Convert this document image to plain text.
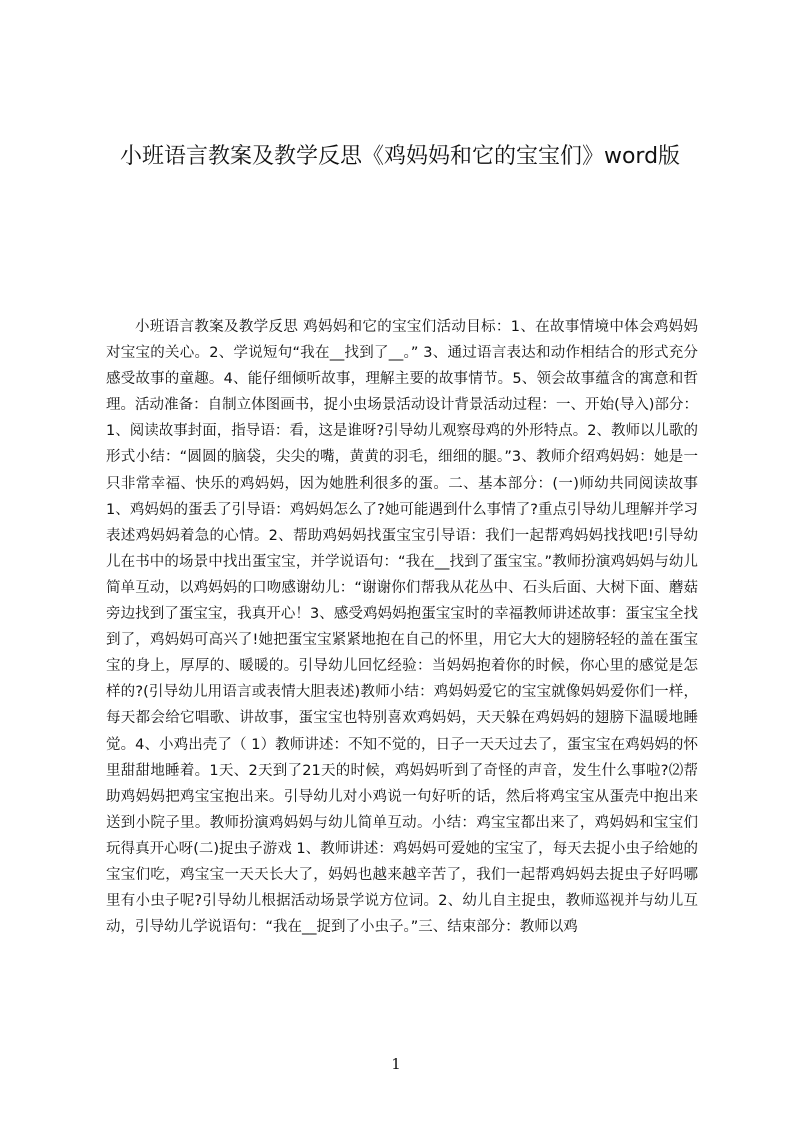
小班语言教案及教学反思《鸡妈妈和它的宝宝们》word版

小班语言教案及教学反思 鸡妈妈和它的宝宝们活动目标：1、在故事情境中体会鸡妈妈对宝宝的关心。2、学说短句“我在__找到了__。” 3、通过语言表达和动作相结合的形式充分感受故事的童趣。4、能仔细倾听故事，理解主要的故事情节。5、领会故事蕴含的寓意和哲理。活动准备：自制立体图画书，捉小虫场景活动设计背景活动过程：一、开始(导入)部分：1、阅读故事封面，指导语：看，这是谁呀?引导幼儿观察母鸡的外形特点。2、教师以儿歌的形式小结：“圆圆的脑袋，尖尖的嘴，黄黄的羽毛，细细的腿。”3、教师介绍鸡妈妈：她是一只非常幸福、快乐的鸡妈妈，因为她胜利很多的蛋。二、基本部分：(一)师幼共同阅读故事 1、鸡妈妈的蛋丢了引导语：鸡妈妈怎么了?她可能遇到什么事情了?重点引导幼儿理解并学习表述鸡妈妈着急的心情。2、帮助鸡妈妈找蛋宝宝引导语：我们一起帮鸡妈妈找找吧!引导幼儿在书中的场景中找出蛋宝宝，并学说语句：“我在__找到了蛋宝宝。”教师扮演鸡妈妈与幼儿简单互动，以鸡妈妈的口吻感谢幼儿：“谢谢你们帮我从花丛中、石头后面、大树下面、蘑菇旁边找到了蛋宝宝，我真开心！3、感受鸡妈妈抱蛋宝宝时的幸福教师讲述故事：蛋宝宝全找到了，鸡妈妈可高兴了!她把蛋宝宝紧紧地抱在自己的怀里，用它大大的翅膀轻轻的盖在蛋宝宝的身上，厚厚的、暖暖的。引导幼儿回忆经验：当妈妈抱着你的时候，你心里的感觉是怎样的?(引导幼儿用语言或表情大胆表述)教师小结：鸡妈妈爱它的宝宝就像妈妈爱你们一样，每天都会给它唱歌、讲故事，蛋宝宝也特别喜欢鸡妈妈，天天躲在鸡妈妈的翅膀下温暖地睡觉。4、小鸡出壳了（ 1）教师讲述：不知不觉的，日子一天天过去了，蛋宝宝在鸡妈妈的怀里甜甜地睡着。1天、2天到了21天的时候，鸡妈妈听到了奇怪的声音，发生什么事啦?⑵帮助鸡妈妈把鸡宝宝抱出来。引导幼儿对小鸡说一句好听的话，然后将鸡宝宝从蛋壳中抱出来送到小院子里。教师扮演鸡妈妈与幼儿简单互动。小结：鸡宝宝都出来了，鸡妈妈和宝宝们玩得真开心呀(二)捉虫子游戏 1、教师讲述：鸡妈妈可爱她的宝宝了，每天去捉小虫子给她的宝宝们吃，鸡宝宝一天天长大了，妈妈也越来越辛苦了，我们一起帮鸡妈妈去捉虫子好吗哪里有小虫子呢?引导幼儿根据活动场景学说方位词。2、幼儿自主捉虫，教师巡视并与幼儿互动，引导幼儿学说语句：“我在__捉到了小虫子。”三、结束部分：教师以鸡

1
